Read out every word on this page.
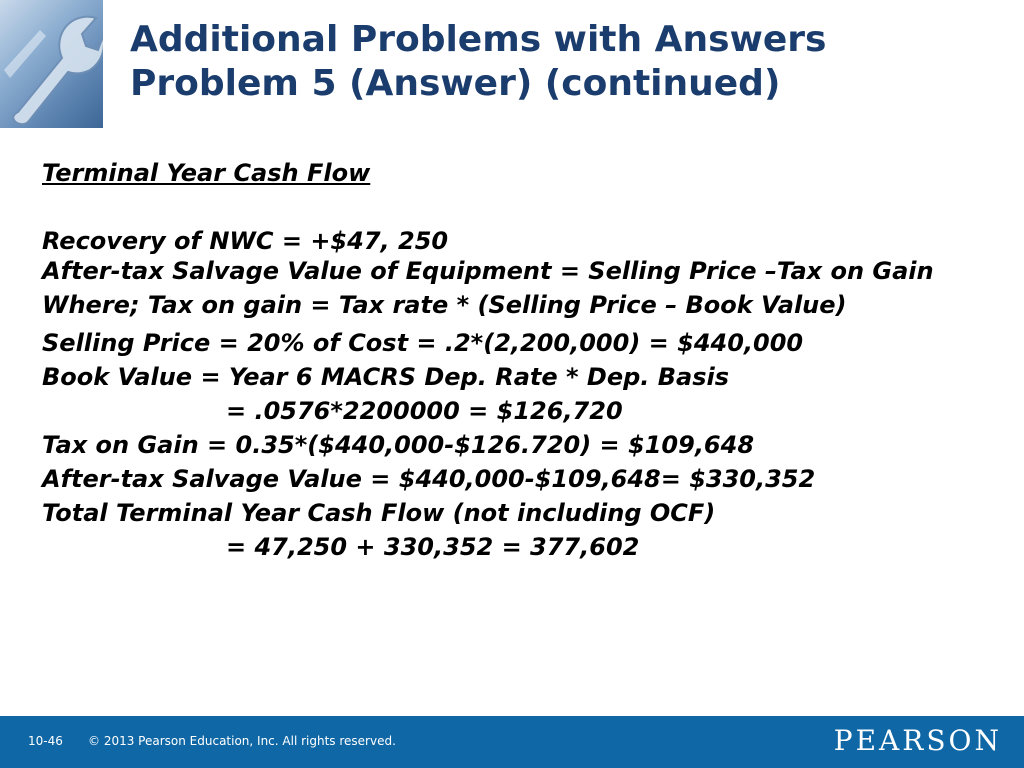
Additional Problems with Answers
Problem 5 (Answer) (continued)
Terminal Year Cash Flow
Recovery of NWC = +$47, 250
After-tax Salvage Value of Equipment = Selling Price –Tax on Gain
Where; Tax on gain = Tax rate * (Selling Price – Book Value)
Selling Price = 20% of Cost = .2*(2,200,000) = $440,000
Book Value = Year 6 MACRS Dep. Rate * Dep. Basis
= .0576*2200000 = $126,720
Tax on Gain = 0.35*($440,000-$126.720) = $109,648
After-tax Salvage Value = $440,000-$109,648= $330,352
Total Terminal Year Cash Flow (not including OCF)
= 47,250 + 330,352 = 377,602
10-46 © 2013 Pearson Education, Inc. All rights reserved.	PEARSON
